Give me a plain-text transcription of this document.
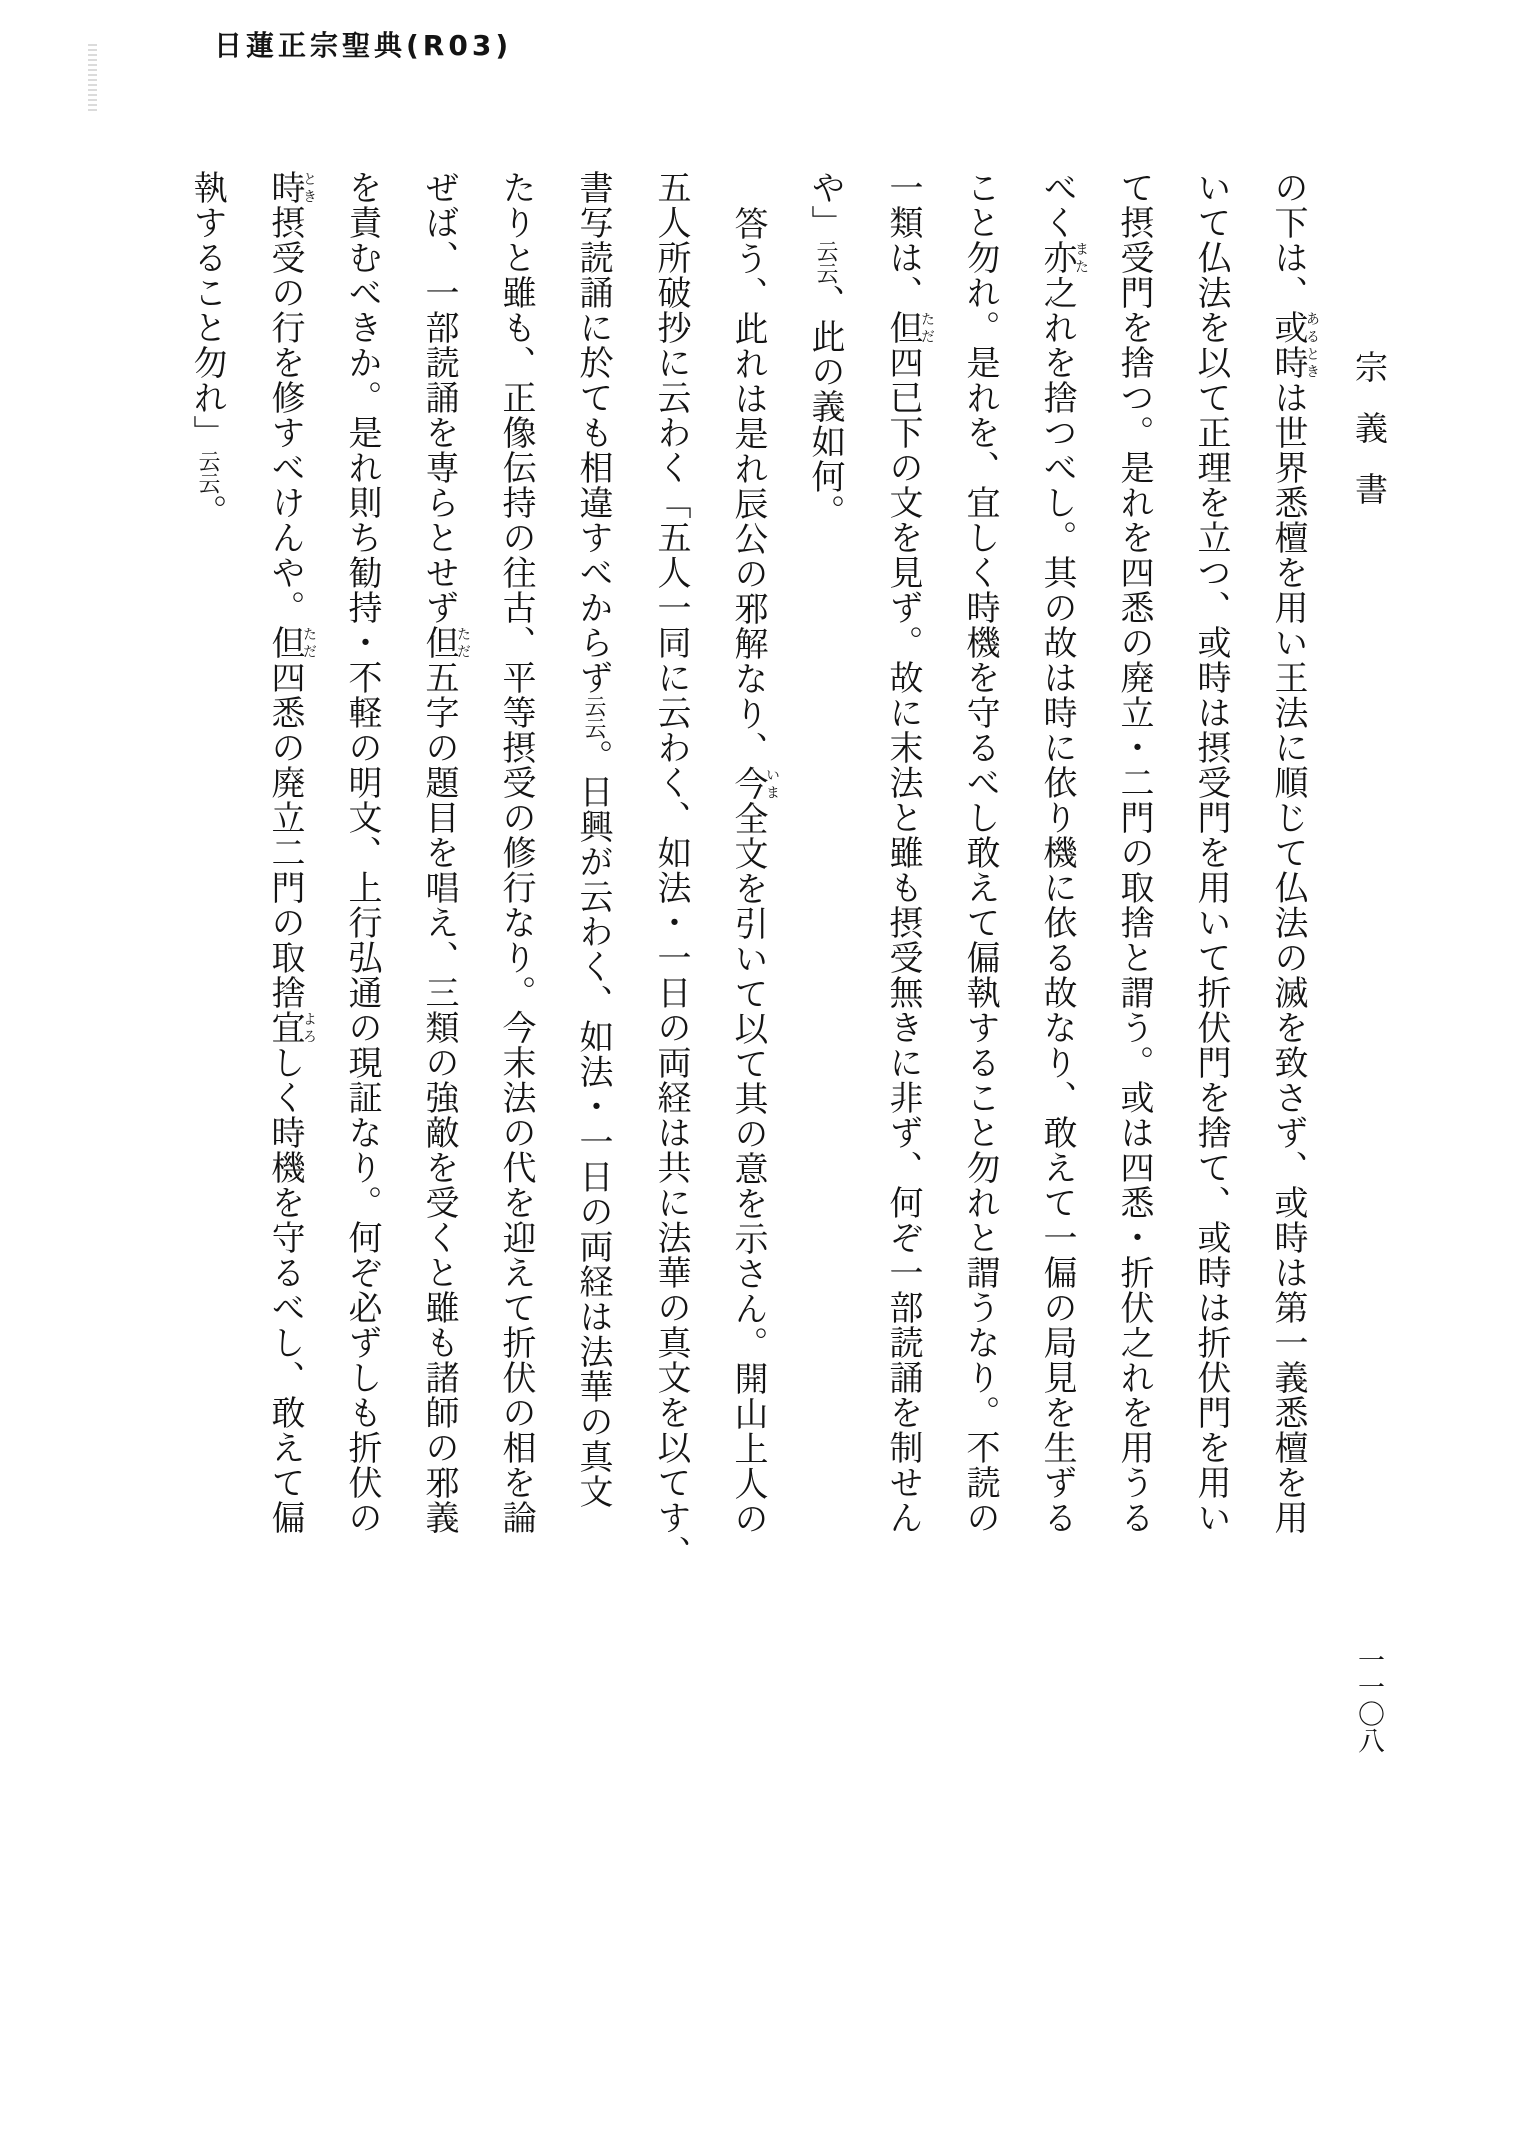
日蓮正宗聖典(R03)
宗義書
一一〇八
の下は、或時あるときは世界悉檀を用い王法に順じて仏法の滅を致さず、或時は第一義悉檀を用
いて仏法を以て正理を立つ、或時は摂受門を用いて折伏門を捨て、或時は折伏門を用い
て摂受門を捨つ。是れを四悉の廃立・二門の取捨と謂う。或は四悉・折伏之れを用うる
べく亦また之れを捨つべし。其の故は時に依り機に依る故なり、敢えて一偏の局見を生ずる
こと勿れ。是れを、宜しく時機を守るべし敢えて偏執すること勿れと謂うなり。不読の
一類は、但ただ四已下の文を見ず。故に末法と雖も摂受無きに非ず、何ぞ一部読誦を制せん
や」云云、此の義如何。
答う、此れは是れ辰公の邪解なり、今いま全文を引いて以て其の意を示さん。開山上人の
五人所破抄に云わく「五人一同に云わく、如法・一日の両経は共に法華の真文を以てす、
書写読誦に於ても相違すべからず云云。日興が云わく、如法・一日の両経は法華の真文
たりと雖も、正像伝持の往古、平等摂受の修行なり。今末法の代を迎えて折伏の相を論
ぜば、一部読誦を専らとせず但ただ五字の題目を唱え、三類の強敵を受くと雖も諸師の邪義
を責むべきか。是れ則ち勧持・不軽の明文、上行弘通の現証なり。何ぞ必ずしも折伏の
時とき摂受の行を修すべけんや。但ただ四悉の廃立二門の取捨宜よろしく時機を守るべし、敢えて偏
執すること勿れ」云云。
